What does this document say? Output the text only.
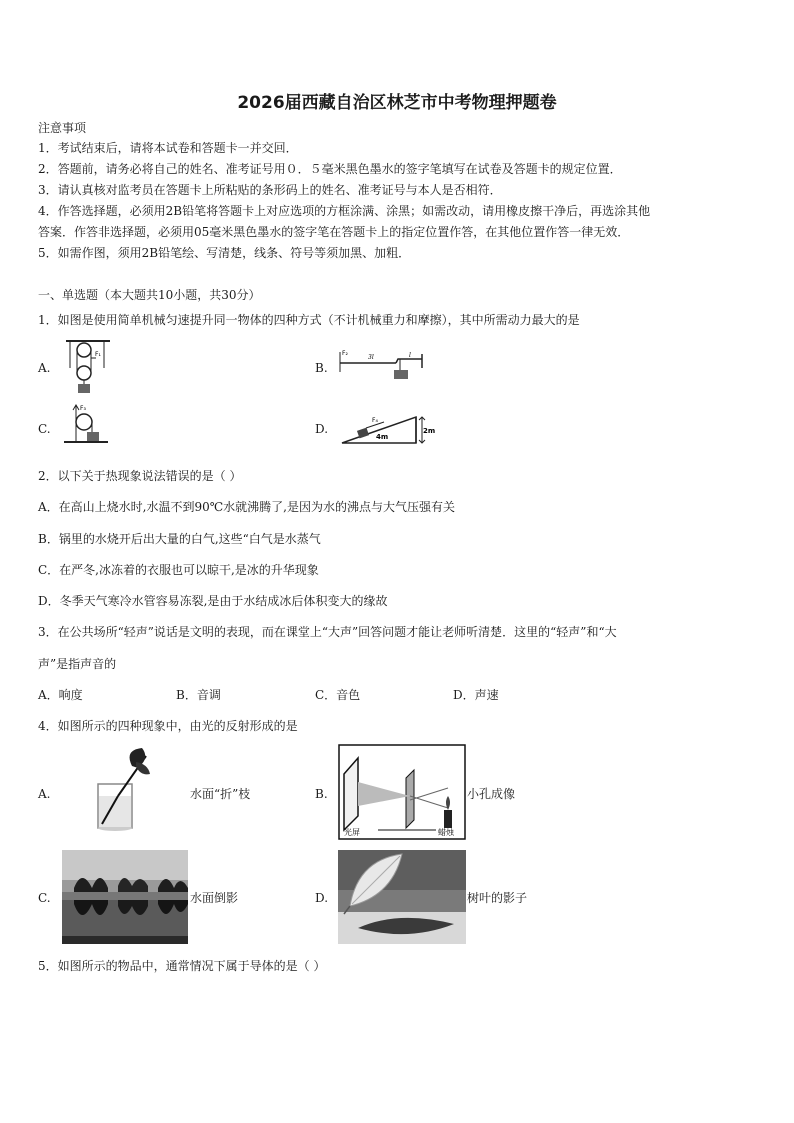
2026届西藏自治区林芝市中考物理押题卷
注意事项
1．考试结束后，请将本试卷和答题卡一并交回．
2．答题前，请务必将自己的姓名、准考证号用０．５毫米黑色墨水的签字笔填写在试卷及答题卡的规定位置．
3．请认真核对监考员在答题卡上所粘贴的条形码上的姓名、准考证号与本人是否相符．
4．作答选择题，必须用2B铅笔将答题卡上对应选项的方框涂满、涂黑；如需改动，请用橡皮擦干净后，再选涂其他
答案．作答非选择题，必须用05毫米黑色墨水的签字笔在答题卡上的指定位置作答，在其他位置作答一律无效．
5．如需作图，须用2B铅笔绘、写清楚，线条、符号等须加黑、加粗．
一、单选题（本大题共10小题，共30分）
1．如图是使用简单机械匀速提升同一物体的四种方式（不计机械重力和摩擦），其中所需动力最大的是
A.
F₁
B.
F₂
3l	l
C.
F₃
D.
F₄
4m
2m
2．以下关于热现象说法错误的是（ ）
A．在高山上烧水时,水温不到90℃水就沸腾了,是因为水的沸点与大气压强有关
B．锅里的水烧开后出大量的白气,这些“白气是水蒸气
C．在严冬,冰冻着的衣服也可以晾干,是冰的升华现象
D．冬季天气寒冷水管容易冻裂,是由于水结成冰后体积变大的缘故
3．在公共场所“轻声”说话是文明的表现，而在课堂上“大声”回答问题才能让老师听清楚．这里的“轻声”和“大
声”是指声音的
A．响度	B．音调	C．音色	D．声速
4．如图所示的四种现象中，由光的反射形成的是
A.	水面“折”枝	B.
光屏	蜡烛
小孔成像
C.	水面倒影	D.	树叶的影子
5．如图所示的物品中，通常情况下属于导体的是（ ）
